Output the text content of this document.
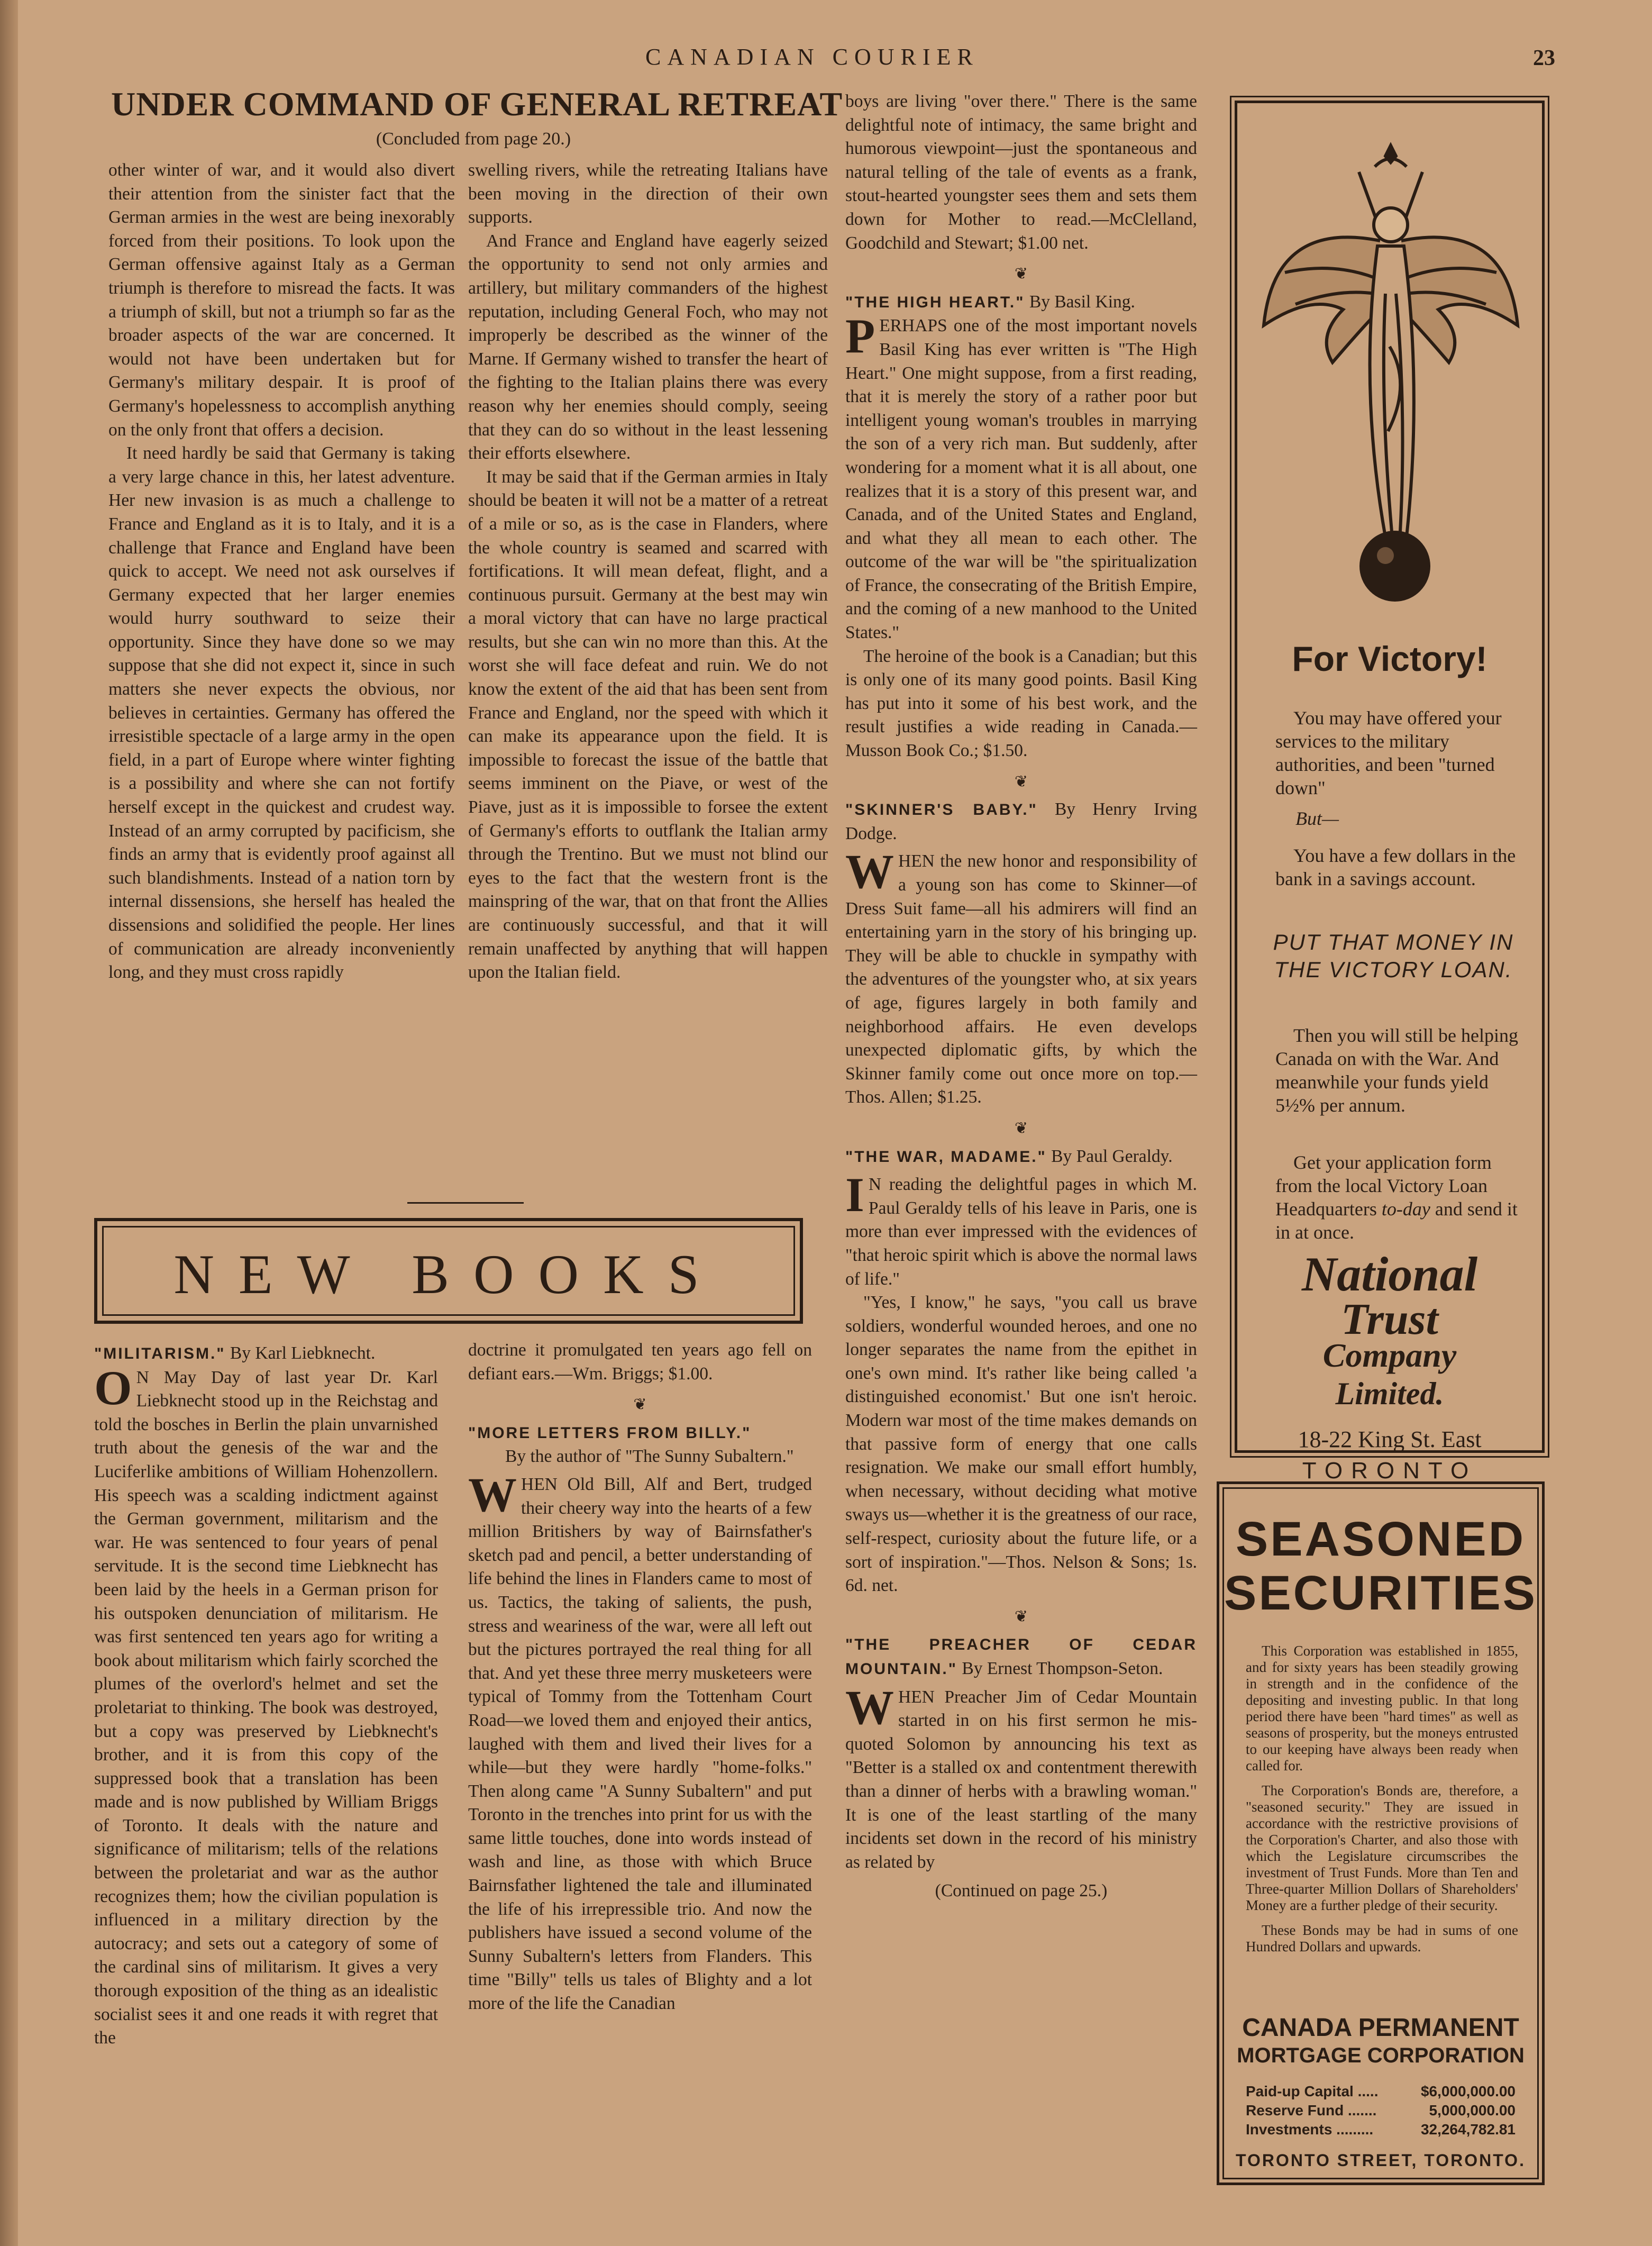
CANADIAN COURIER	23
UNDER COMMAND OF GENERAL RETREAT
(Concluded from page 20.)

other winter of war, and it would also divert their attention from the sinister fact that the German armies in the west are being inexorably forced from their positions. To look upon the German offensive against Italy as a German triumph is therefore to misread the facts. It was a triumph of skill, but not a triumph so far as the broader aspects of the war are concerned. It would not have been undertaken but for Germany's military despair. It is proof of Germany's hopelessness to accomplish anything on the only front that offers a decision.

It need hardly be said that Germany is taking a very large chance in this, her latest adventure. Her new invasion is as much a challenge to France and England as it is to Italy, and it is a challenge that France and England have been quick to accept. We need not ask ourselves if Germany expected that her larger enemies would hurry southward to seize their opportunity. Since they have done so we may suppose that she did not expect it, since in such matters she never expects the obvious, nor believes in certainties. Germany has offered the irresistible spectacle of a large army in the open field, in a part of Europe where winter fighting is a possibility and where she can not fortify herself except in the quickest and crudest way. Instead of an army corrupted by pacificism, she finds an army that is evidently proof against all such blandishments. Instead of a nation torn by internal dissensions, she herself has healed the dissensions and solidified the people. Her lines of communication are already inconveniently long, and they must cross rapidly

swelling rivers, while the retreating Italians have been moving in the direction of their own supports.

And France and England have eagerly seized the opportunity to send not only armies and artillery, but military commanders of the highest reputation, including General Foch, who may not improperly be described as the winner of the Marne. If Germany wished to transfer the heart of the fighting to the Italian plains there was every reason why her enemies should comply, seeing that they can do so without in the least lessening their efforts elsewhere.

It may be said that if the German armies in Italy should be beaten it will not be a matter of a retreat of a mile or so, as is the case in Flanders, where the whole country is seamed and scarred with fortifications. It will mean defeat, flight, and a continuous pursuit. Germany at the best may win a moral victory that can have no large practical results, but she can win no more than this. At the worst she will face defeat and ruin. We do not know the extent of the aid that has been sent from France and England, nor the speed with which it can make its appearance upon the field. It is impossible to forecast the issue of the battle that seems imminent on the Piave, or west of the Piave, just as it is impossible to forsee the extent of Germany's efforts to outflank the Italian army through the Trentino. But we must not blind our eyes to the fact that the western front is the mainspring of the war, that on that front the Allies are continuously successful, and that it will remain unaffected by anything that will happen upon the Italian field.

NEW BOOKS

"MILITARISM." By Karl Liebknecht.

O N May Day of last year Dr. Karl Liebknecht stood up in the Reichstag and told the bosches in Berlin the plain unvarnished truth about the genesis of the war and the Luciferlike ambitions of William Hohenzollern. His speech was a scalding indictment against the German government, militarism and the war. He was sentenced to four years of penal servitude. It is the second time Liebknecht has been laid by the heels in a German prison for his outspoken denunciation of militarism. He was first sentenced ten years ago for writing a book about militarism which fairly scorched the plumes of the overlord's helmet and set the proletariat to thinking. The book was destroyed, but a copy was preserved by Liebknecht's brother, and it is from this copy of the suppressed book that a translation has been made and is now published by William Briggs of Toronto. It deals with the nature and significance of militarism; tells of the relations between the proletariat and war as the author recognizes them; how the civilian population is influenced in a military direction by the autocracy; and sets out a category of some of the cardinal sins of militarism. It gives a very thorough exposition of the thing as an idealistic socialist sees it and one reads it with regret that the

doctrine it promulgated ten years ago fell on defiant ears.—Wm. Briggs; $1.00.

❦

"MORE LETTERS FROM BILLY."
By the author of "The Sunny Subaltern."

WHEN Old Bill, Alf and Bert, trudged their cheery way into the hearts of a few million Britishers by way of Bairnsfather's sketch pad and pencil, a better understanding of life behind the lines in Flanders came to most of us. Tactics, the taking of salients, the push, stress and weariness of the war, were all left out but the pictures portrayed the real thing for all that. And yet these three merry musketeers were typical of Tommy from the Tottenham Court Road—we loved them and enjoyed their antics, laughed with them and lived their lives for a while—but they were hardly "home-folks." Then along came "A Sunny Subaltern" and put Toronto in the trenches into print for us with the same little touches, done into words instead of wash and line, as those with which Bruce Bairnsfather lightened the tale and illuminated the life of his irrepressible trio. And now the publishers have issued a second volume of the Sunny Subaltern's letters from Flanders. This time "Billy" tells us tales of Blighty and a lot more of the life the Canadian

boys are living "over there." There is the same delightful note of intimacy, the same bright and humorous viewpoint—just the spontaneous and natural telling of the tale of events as a frank, stout-hearted youngster sees them and sets them down for Mother to read.—McClelland, Goodchild and Stewart; $1.00 net.

❦

"THE HIGH HEART." By Basil King.

PERHAPS one of the most important novels Basil King has ever written is "The High Heart." One might suppose, from a first reading, that it is merely the story of a rather poor but intelligent young woman's troubles in marrying the son of a very rich man. But suddenly, after wondering for a moment what it is all about, one realizes that it is a story of this present war, and Canada, and of the United States and England, and what they all mean to each other. The outcome of the war will be "the spiritualization of France, the consecrating of the British Empire, and the coming of a new manhood to the United States."

The heroine of the book is a Canadian; but this is only one of its many good points. Basil King has put into it some of his best work, and the result justifies a wide reading in Canada.—Musson Book Co.; $1.50.

❦

"SKINNER'S BABY." By Henry Irving Dodge.

WHEN the new honor and responsibility of a young son has come to Skinner—of Dress Suit fame—all his admirers will find an entertaining yarn in the story of his bringing up. They will be able to chuckle in sympathy with the adventures of the youngster who, at six years of age, figures largely in both family and neighborhood affairs. He even develops unexpected diplomatic gifts, by which the Skinner family come out once more on top.—Thos. Allen; $1.25.

❦

"THE WAR, MADAME." By Paul Geraldy.

I N reading the delightful pages in which M. Paul Geraldy tells of his leave in Paris, one is more than ever impressed with the evidences of "that heroic spirit which is above the normal laws of life."

"Yes, I know," he says, "you call us brave soldiers, wonderful wounded heroes, and one no longer separates the name from the epithet in one's own mind. It's rather like being called 'a distinguished economist.' But one isn't heroic. Modern war most of the time makes demands on that passive form of energy that one calls resignation. We make our small effort humbly, when necessary, without deciding what motive sways us—whether it is the greatness of our race, self-respect, curiosity about the future life, or a sort of inspiration."—Thos. Nelson & Sons; 1s. 6d. net.

❦

"THE PREACHER OF CEDAR MOUNTAIN." By Ernest Thompson-Seton.

WHEN Preacher Jim of Cedar Mountain started in on his first sermon he mis-quoted Solomon by announcing his text as "Better is a stalled ox and contentment therewith than a dinner of herbs with a brawling woman." It is one of the least startling of the many incidents set down in the record of his ministry as related by

(Continued on page 25.)

For Victory!
You may have offered your services to the military authorities, and been "turned down"
But—
You have a few dollars in the bank in a savings account.
PUT THAT MONEY IN THE VICTORY LOAN.
Then you will still be helping Canada on with the War. And meanwhile your funds yield 5½% per annum.
Get your application form from the local Victory Loan Headquarters to-day and send it in at once.
National
Trust
18-22 King St. East
TORONTO
Company
Limited.
SEASONED
SECURITIES

This Corporation was established in 1855, and for sixty years has been steadily growing in strength and in the confidence of the depositing and investing public. In that long period there have been "hard times" as well as seasons of prosperity, but the moneys entrusted to our keeping have always been ready when called for.

The Corporation's Bonds are, therefore, a "seasoned security." They are issued in accordance with the restrictive provisions of the Corporation's Charter, and also those with which the Legislature circumscribes the investment of Trust Funds. More than Ten and Three-quarter Million Dollars of Shareholders' Money are a further pledge of their security.

These Bonds may be had in sums of one Hundred Dollars and upwards.

CANADA PERMANENT
MORTGAGE CORPORATION
Paid-up Capital .....	$6,000,000.00
Reserve Fund .......	5,000,000.00
Investments .........	32,264,782.81
TORONTO STREET, TORONTO.
